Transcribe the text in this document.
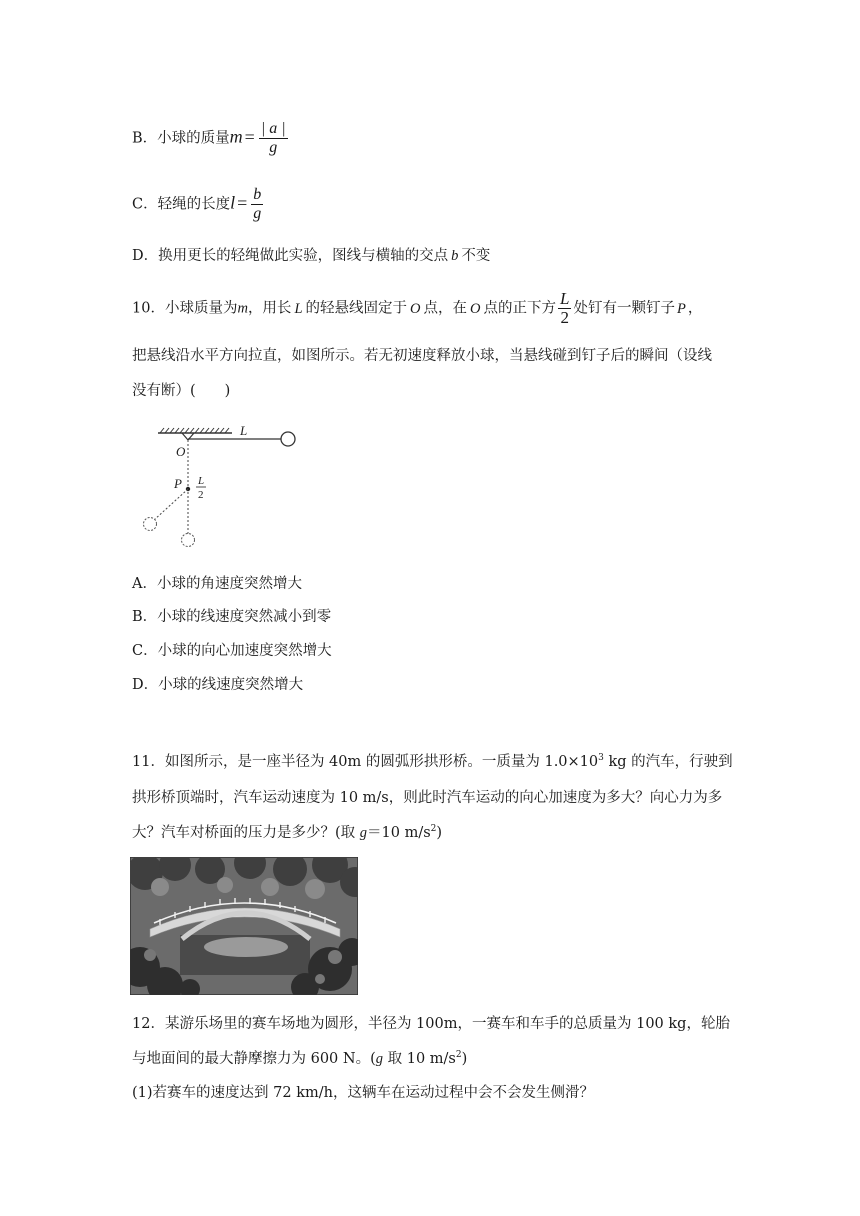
B．小球的质量$m = \frac{| a |}{g}$
C．轻绳的长度$l = \frac{b}{g}$
D．换用更长的轻绳做此实验，图线与横轴的交点 b 不变
10．小球质量为m，用长 L 的轻悬线固定于 O 点，在 O 点的正下方 $\frac{L}{2}$ 处钉有一颗钉子 P ，
把悬线沿水平方向拉直，如图所示。若无初速度释放小球，当悬线碰到钉子后的瞬间（设线
没有断）(　　)
O
L
P L
2
A．小球的角速度突然增大
B．小球的线速度突然减小到零
C．小球的向心加速度突然增大
D．小球的线速度突然增大
11．如图所示，是一座半径为 40m 的圆弧形拱形桥。一质量为 $1.0\times 10^3$ kg 的汽车，行驶到
拱形桥顶端时，汽车运动速度为 10 m/s，则此时汽车运动的向心加速度为多大？向心力为多
大？汽车对桥面的压力是多少？(取 g＝10 $m/s^2$)
12．某游乐场里的赛车场地为圆形，半径为 100m，一赛车和车手的总质量为 100 kg，轮胎
与地面间的最大静摩擦力为 600 N。(g 取 10 $m/s^2$)
(1)若赛车的速度达到 72 km/h，这辆车在运动过程中会不会发生侧滑？
